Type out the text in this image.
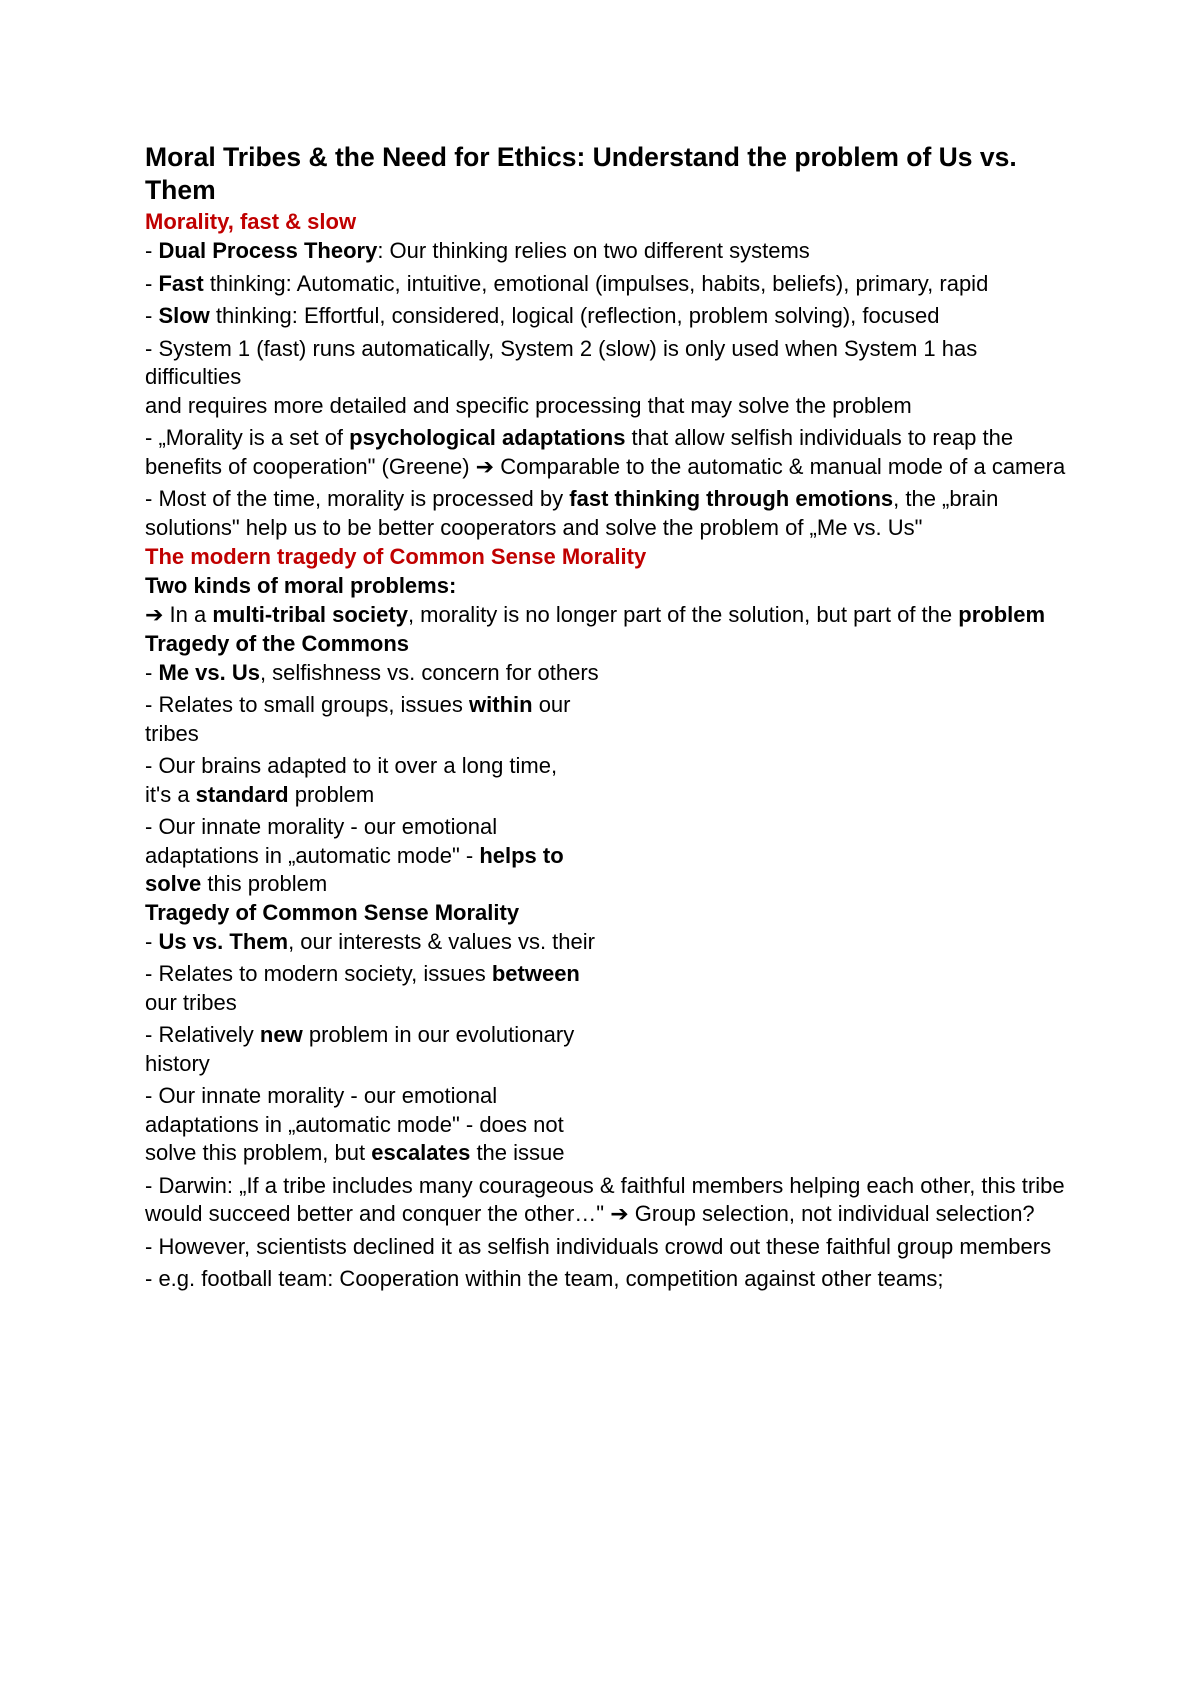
Moral Tribes & the Need for Ethics: Understand the problem of Us vs. Them
Morality, fast & slow
- Dual Process Theory: Our thinking relies on two different systems
- Fast thinking: Automatic, intuitive, emotional (impulses, habits, beliefs), primary, rapid
- Slow thinking: Effortful, considered, logical (reflection, problem solving), focused
- System 1 (fast) runs automatically, System 2 (slow) is only used when System 1 has difficulties
and requires more detailed and specific processing that may solve the problem
- „Morality is a set of psychological adaptations that allow selfish individuals to reap the
benefits of cooperation" (Greene) ➔ Comparable to the automatic & manual mode of a camera
- Most of the time, morality is processed by fast thinking through emotions, the „brain
solutions" help us to be better cooperators and solve the problem of „Me vs. Us"
The modern tragedy of Common Sense Morality
Two kinds of moral problems:
➔ In a multi-tribal society, morality is no longer part of the solution, but part of the problem
Tragedy of the Commons
- Me vs. Us, selfishness vs. concern for others
- Relates to small groups, issues within our
tribes
- Our brains adapted to it over a long time,
it's a standard problem
- Our innate morality - our emotional
adaptations in „automatic mode" - helps to
solve this problem
Tragedy of Common Sense Morality
- Us vs. Them, our interests & values vs. their
- Relates to modern society, issues between
our tribes
- Relatively new problem in our evolutionary
history
- Our innate morality - our emotional
adaptations in „automatic mode" - does not
solve this problem, but escalates the issue
- Darwin: „If a tribe includes many courageous & faithful members helping each other, this tribe
would succeed better and conquer the other…" ➔ Group selection, not individual selection?
- However, scientists declined it as selfish individuals crowd out these faithful group members
- e.g. football team: Cooperation within the team, competition against other teams;
